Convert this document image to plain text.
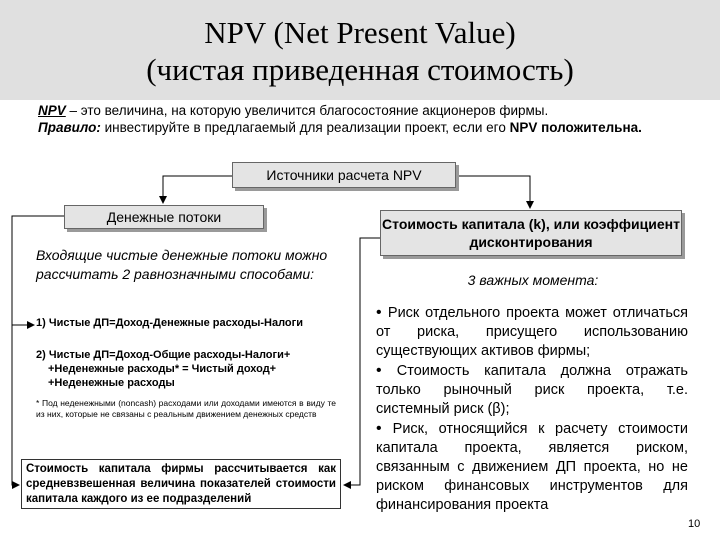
NPV (Net Present Value)
(чистая приведенная стоимость)
NPV – это величина, на которую увеличится благосостояние акционеров фирмы.
Правило: инвестируйте в предлагаемый для реализации проект, если его NPV положительна.
Источники расчета NPV
Денежные потоки	Стоимость капитала (k), или коэффициент дисконтирования
Входящие чистые денежные потоки можно рассчитать 2 равнозначными способами:
1) Чистые ДП=Доход-Денежные расходы-Налоги
2) Чистые ДП=Доход-Общие расходы-Налоги+
+Неденежные расходы* = Чистый доход+
+Неденежные расходы
* Под неденежными (noncash) расходами или доходами имеются в виду те из них, которые не связаны с реальным движением денежных средств
Стоимость капитала фирмы рассчитывается как средневзвешенная величина показателей стоимости капитала каждого из ее подразделений
3 важных момента:

• Риск отдельного проекта может отличаться от риска, присущего использованию существующих активов фирмы;

• Стоимость капитала должна отражать только рыночный риск проекта, т.е. системный риск (β);

• Риск, относящийся к расчету стоимости капитала проекта, является риском, связанным с движением ДП проекта, но не риском финансовых инструментов для финансирования проекта

10
